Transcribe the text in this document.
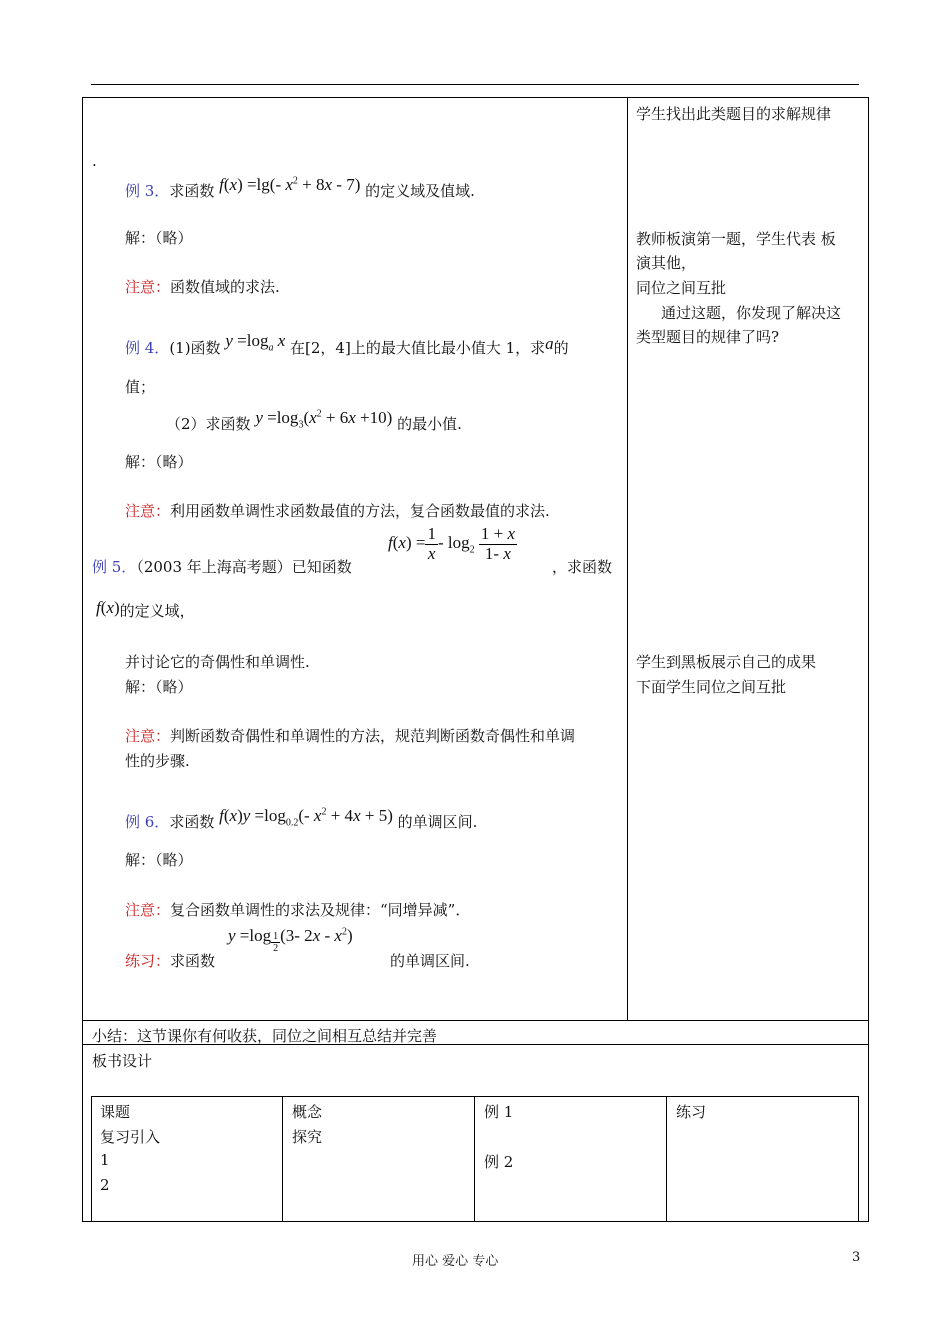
.
例 3．求函数 f(x) =lg(- $x^2 + 8x - 7$) 的定义域及值域.
解：（略）
注意：函数值域的求法.
例 4．(1)函数 $y =\log_a$ x 在[2，4]上的最大值比最小值大 1，求a的
值；
（2）求函数 $y =\log_3(x^2 + 6x +10)$ 的最小值.
解：（略）
注意：利用函数单调性求函数最值的方法，复合函数最值的求法.
例 5．（2003 年上海高考题）已知函数
$f(x) = \frac{1}{x} - \log_2 \frac{1 + x}{1- x}$
，求函数
f(x)的定义域，
并讨论它的奇偶性和单调性.
解：（略）
注意：判断函数奇偶性和单调性的方法，规范判断函数奇偶性和单调
性的步骤.
例 6．求函数 $f(x)y =\log_{0.2}(-$ $x^2 + 4x + 5$) 的单调区间.
解：（略）
注意：复合函数单调性的求法及规律：“同增异减”．
$y =\log \frac{1}{2} (3-$ $2x - x^2$)
练习：求函数	的单调区间.
学生找出此类题目的求解规律
教师板演第一题，学生代表 板
演其他，
同位之间互批
通过这题，你发现了解决这
类型题目的规律了吗?
学生到黑板展示自己的成果
下面学生同位之间互批
小结：这节课你有何收获，同位之间相互总结并完善
板书设计
课题
复习引入
1
2
概念
探究
例 1
例 2
练习
用心 爱心 专心	3
